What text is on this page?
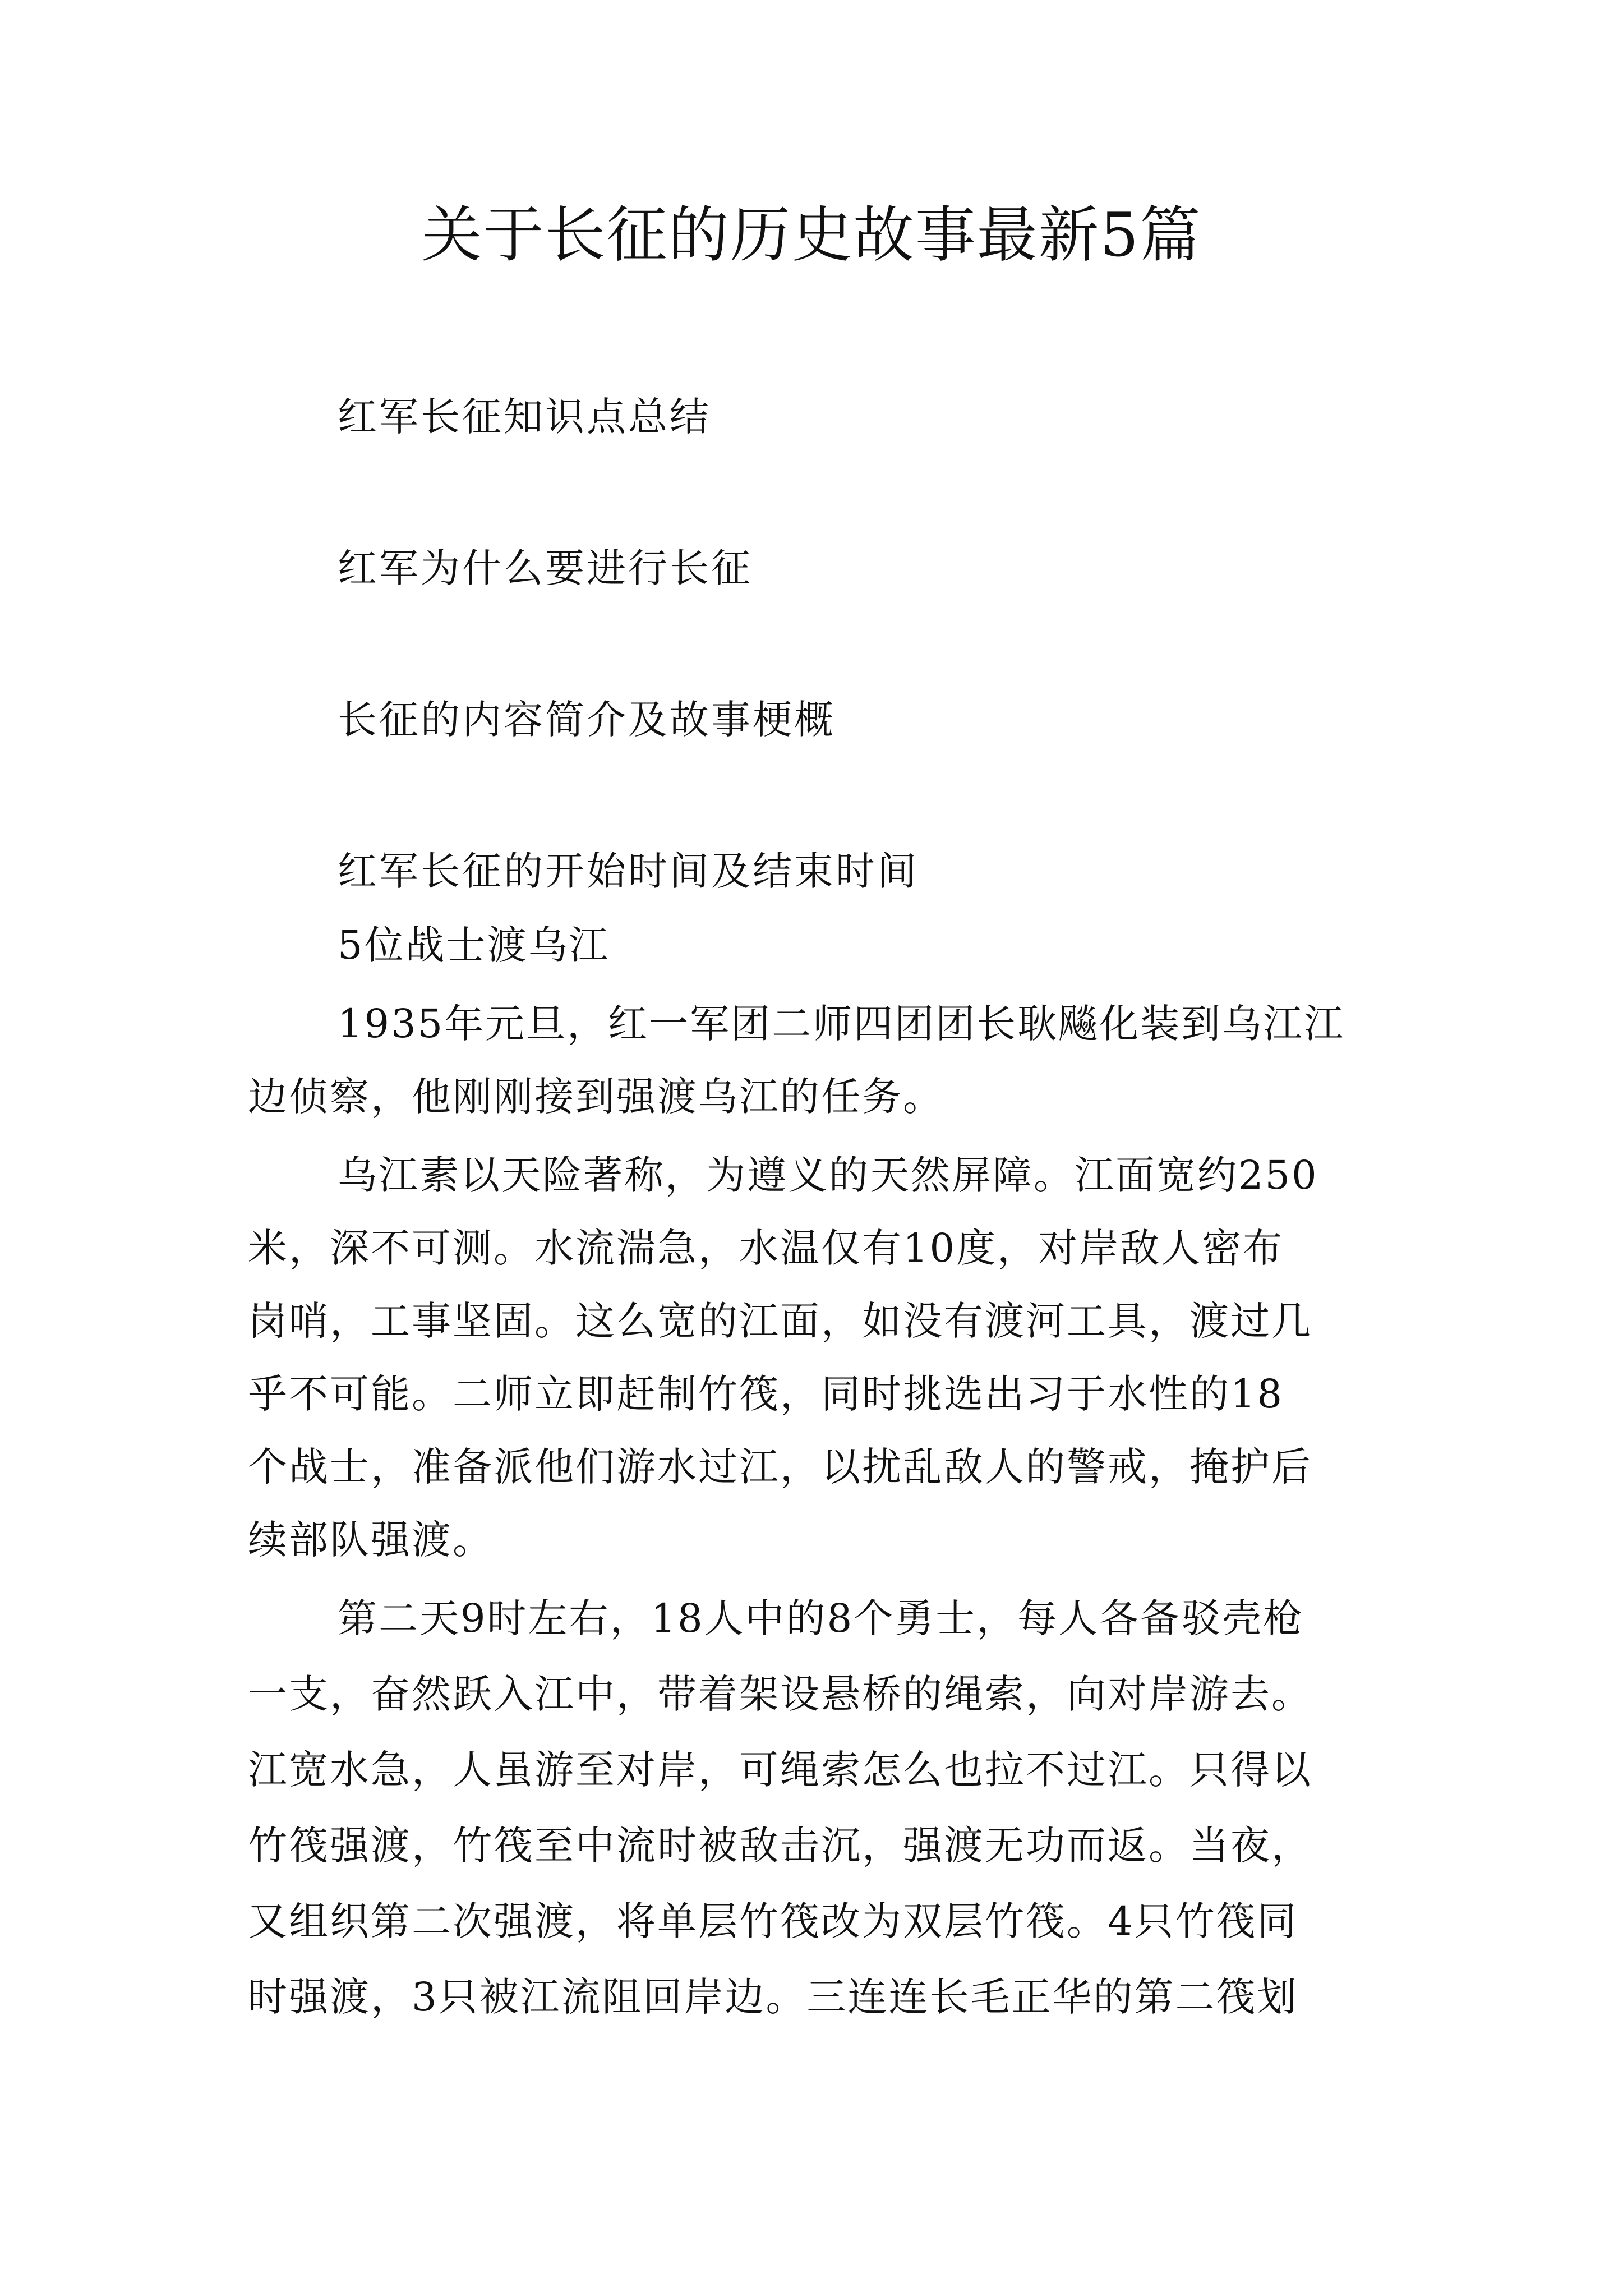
关于长征的历史故事最新5篇

红军长征知识点总结

红军为什么要进行长征

长征的内容简介及故事梗概

红军长征的开始时间及结束时间

5位战士渡乌江

1935年元旦，红一军团二师四团团长耿飚化装到乌江江

边侦察，他刚刚接到强渡乌江的任务。

乌江素以天险著称，为遵义的天然屏障。江面宽约250

米，深不可测。水流湍急，水温仅有10度，对岸敌人密布

岗哨，工事坚固。这么宽的江面，如没有渡河工具，渡过几

乎不可能。二师立即赶制竹筏，同时挑选出习于水性的18

个战士，准备派他们游水过江，以扰乱敌人的警戒，掩护后

续部队强渡。

第二天9时左右，18人中的8个勇士，每人各备驳壳枪

一支，奋然跃入江中，带着架设悬桥的绳索，向对岸游去。

江宽水急，人虽游至对岸，可绳索怎么也拉不过江。只得以

竹筏强渡，竹筏至中流时被敌击沉，强渡无功而返。当夜，

又组织第二次强渡，将单层竹筏改为双层竹筏。4只竹筏同

时强渡，3只被江流阻回岸边。三连连长毛正华的第二筏划
